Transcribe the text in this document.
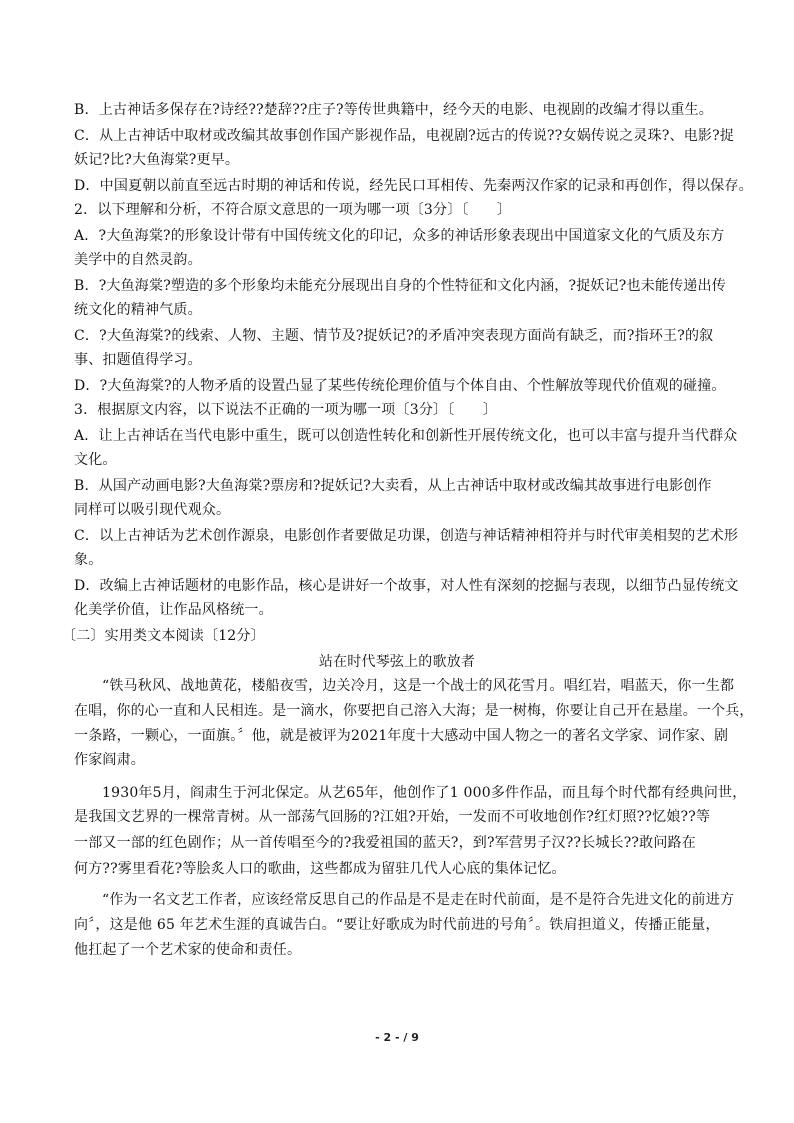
B．上古神话多保存在?诗经??楚辞??庄子?等传世典籍中，经今天的电影、电视剧的改编才得以重生。
C．从上古神话中取材或改编其故事创作国产影视作品，电视剧?远古的传说??女娲传说之灵珠?、电影?捉
妖记?比?大鱼海棠?更早。
D．中国夏朝以前直至远古时期的神话和传说，经先民口耳相传、先秦两汉作家的记录和再创作，得以保存。
2．以下理解和分析，不符合原文意思的一项为哪一项〔3分〕〔　　〕
A．?大鱼海棠?的形象设计带有中国传统文化的印记，众多的神话形象表现出中国道家文化的气质及东方
美学中的自然灵韵。
B．?大鱼海棠?塑造的多个形象均未能充分展现出自身的个性特征和文化内涵，?捉妖记?也未能传递出传
统文化的精神气质。
C．?大鱼海棠?的线索、人物、主题、情节及?捉妖记?的矛盾冲突表现方面尚有缺乏，而?指环王?的叙
事、扣题值得学习。
D．?大鱼海棠?的人物矛盾的设置凸显了某些传统伦理价值与个体自由、个性解放等现代价值观的碰撞。
3．根据原文内容，以下说法不正确的一项为哪一项〔3分〕〔　　〕
A．让上古神话在当代电影中重生，既可以创造性转化和创新性开展传统文化，也可以丰富与提升当代群众
文化。
B．从国产动画电影?大鱼海棠?票房和?捉妖记?大卖看，从上古神话中取材或改编其故事进行电影创作
同样可以吸引现代观众。
C．以上古神话为艺术创作源泉，电影创作者要做足功课，创造与神话精神相符并与时代审美相契的艺术形
象。
D．改编上古神话题材的电影作品，核心是讲好一个故事，对人性有深刻的挖掘与表现，以细节凸显传统文
化美学价值，让作品风格统一。
〔二〕实用类文本阅读〔12分〕
站在时代琴弦上的歌放者
“铁马秋风、战地黄花，楼船夜雪，边关冷月，这是一个战士的风花雪月。唱红岩，唱蓝天，你一生都
在唱，你的心一直和人民相连。是一滴水，你要把自己溶入大海；是一树梅，你要让自己开在悬崖。一个兵，
一条路，一颗心，一面旗。〞他，就是被评为2021年度十大感动中国人物之一的著名文学家、词作家、剧
作家阎肃。
1930年5月，阎肃生于河北保定。从艺65年，他创作了1 000多件作品，而且每个时代都有经典问世，
是我国文艺界的一棵常青树。从一部荡气回肠的?江姐?开始，一发而不可收地创作?红灯照??忆娘??等
一部又一部的红色剧作；从一首传唱至今的?我爱祖国的蓝天?，到?军营男子汉??长城长??敢问路在
何方??雾里看花?等脍炙人口的歌曲，这些都成为留驻几代人心底的集体记忆。
“作为一名文艺工作者，应该经常反思自己的作品是不是走在时代前面，是不是符合先进文化的前进方
向〞，这是他 65 年艺术生涯的真诚告白。“要让好歌成为时代前进的号角〞。铁肩担道义，传播正能量，
他扛起了一个艺术家的使命和责任。
- 2 - / 9
